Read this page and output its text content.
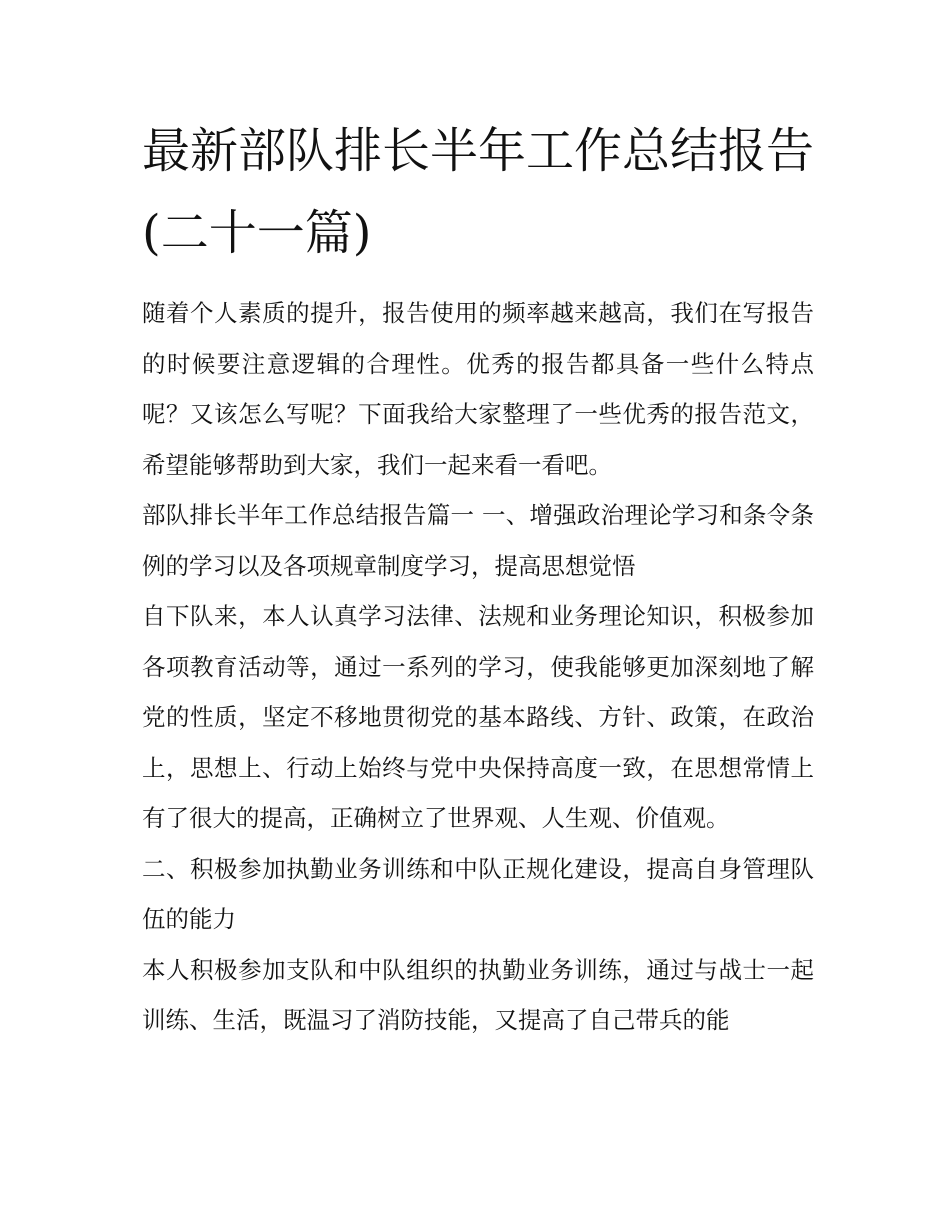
最新部队排长半年工作总结报告(二十一篇)

随着个人素质的提升，报告使用的频率越来越高，我们在写报告的时候要注意逻辑的合理性。优秀的报告都具备一些什么特点呢？又该怎么写呢？下面我给大家整理了一些优秀的报告范文，希望能够帮助到大家，我们一起来看一看吧。

部队排长半年工作总结报告篇一 一、增强政治理论学习和条令条例的学习以及各项规章制度学习，提高思想觉悟

自下队来，本人认真学习法律、法规和业务理论知识，积极参加各项教育活动等，通过一系列的学习，使我能够更加深刻地了解党的性质，坚定不移地贯彻党的基本路线、方针、政策，在政治上，思想上、行动上始终与党中央保持高度一致，在思想常情上有了很大的提高，正确树立了世界观、人生观、价值观。

二、积极参加执勤业务训练和中队正规化建设，提高自身管理队伍的能力

本人积极参加支队和中队组织的执勤业务训练，通过与战士一起训练、生活，既温习了消防技能，又提高了自己带兵的能
